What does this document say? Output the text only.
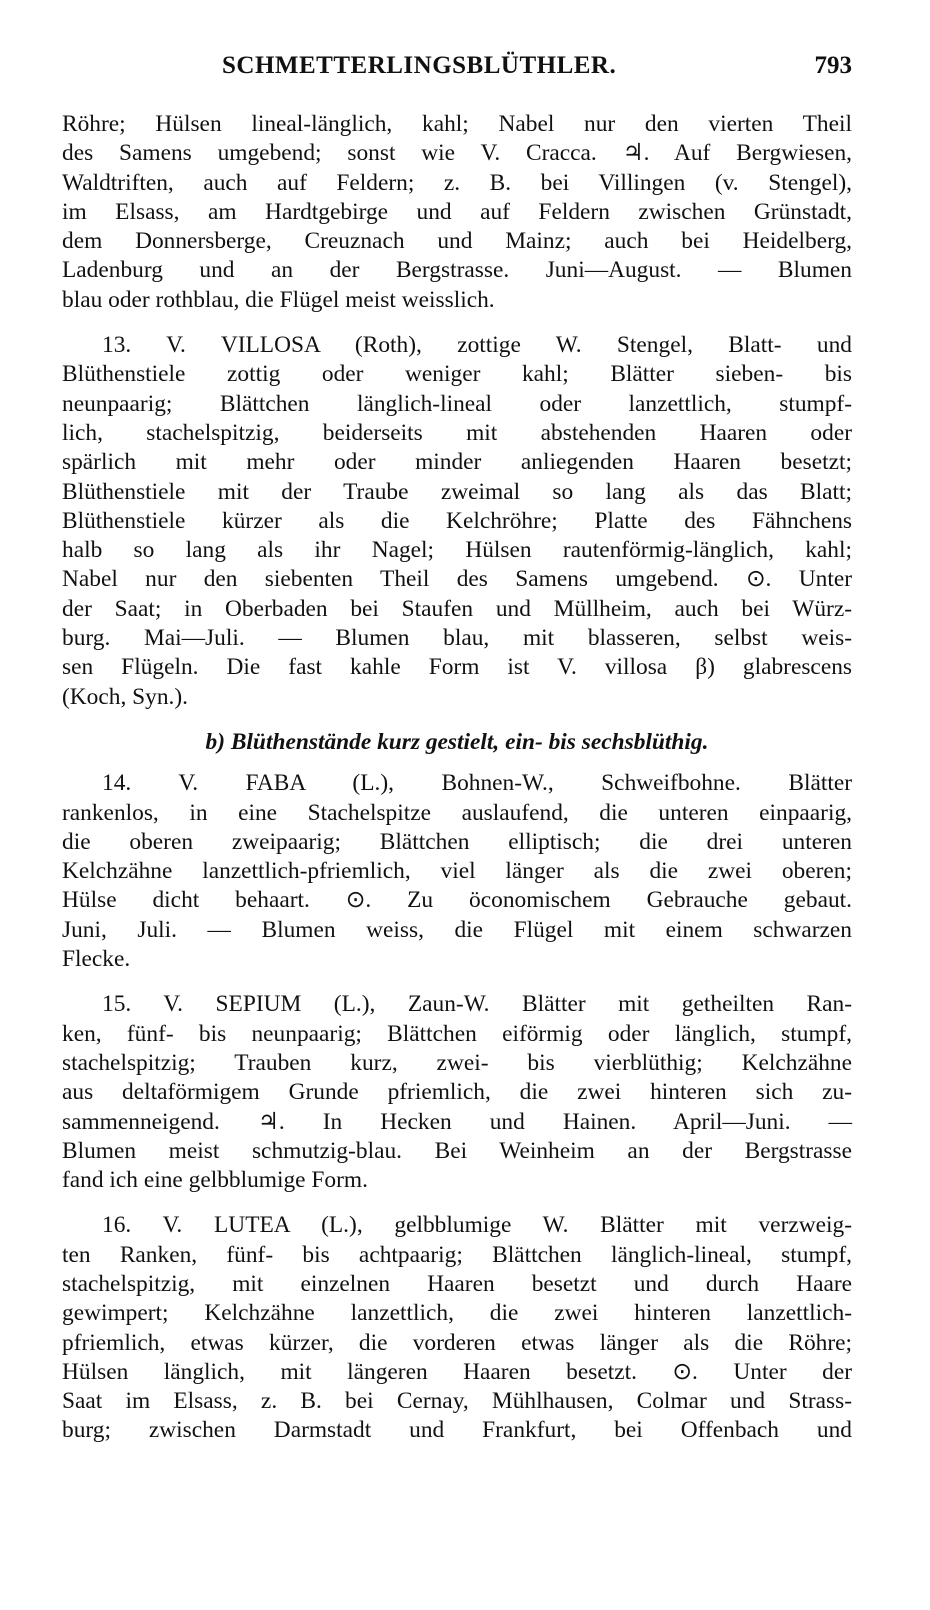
SCHMETTERLINGSBLÜTHLER.	793
Röhre; Hülsen lineal-länglich, kahl; Nabel nur den vierten Theil
des Samens umgebend; sonst wie V. Cracca. ♃. Auf Bergwiesen,
Waldtriften, auch auf Feldern; z. B. bei Villingen (v. Stengel),
im Elsass, am Hardtgebirge und auf Feldern zwischen Grünstadt,
dem Donnersberge, Creuznach und Mainz; auch bei Heidelberg,
Ladenburg und an der Bergstrasse. Juni—August. — Blumen
blau oder rothblau, die Flügel meist weisslich.
13. V. VILLOSA (Roth), zottige W. Stengel, Blatt- und
Blüthenstiele zottig oder weniger kahl; Blätter sieben- bis
neunpaarig; Blättchen länglich-lineal oder lanzettlich, stumpf-
lich, stachelspitzig, beiderseits mit abstehenden Haaren oder
spärlich mit mehr oder minder anliegenden Haaren besetzt;
Blüthenstiele mit der Traube zweimal so lang als das Blatt;
Blüthenstiele kürzer als die Kelchröhre; Platte des Fähnchens
halb so lang als ihr Nagel; Hülsen rautenförmig-länglich, kahl;
Nabel nur den siebenten Theil des Samens umgebend. ⊙. Unter
der Saat; in Oberbaden bei Staufen und Müllheim, auch bei Würz-
burg. Mai—Juli. — Blumen blau, mit blasseren, selbst weis-
sen Flügeln. Die fast kahle Form ist V. villosa β) glabrescens
(Koch, Syn.).
b) Blüthenstände kurz gestielt, ein- bis sechsblüthig.
14. V. FABA (L.), Bohnen-W., Schweifbohne. Blätter
rankenlos, in eine Stachelspitze auslaufend, die unteren einpaarig,
die oberen zweipaarig; Blättchen elliptisch; die drei unteren
Kelchzähne lanzettlich-pfriemlich, viel länger als die zwei oberen;
Hülse dicht behaart. ⊙. Zu öconomischem Gebrauche gebaut.
Juni, Juli. — Blumen weiss, die Flügel mit einem schwarzen
Flecke.
15. V. SEPIUM (L.), Zaun-W. Blätter mit getheilten Ran-
ken, fünf- bis neunpaarig; Blättchen eiförmig oder länglich, stumpf,
stachelspitzig; Trauben kurz, zwei- bis vierblüthig; Kelchzähne
aus deltaförmigem Grunde pfriemlich, die zwei hinteren sich zu-
sammenneigend. ♃. In Hecken und Hainen. April—Juni. —
Blumen meist schmutzig-blau. Bei Weinheim an der Bergstrasse
fand ich eine gelbblumige Form.
16. V. LUTEA (L.), gelbblumige W. Blätter mit verzweig-
ten Ranken, fünf- bis achtpaarig; Blättchen länglich-lineal, stumpf,
stachelspitzig, mit einzelnen Haaren besetzt und durch Haare
gewimpert; Kelchzähne lanzettlich, die zwei hinteren lanzettlich-
pfriemlich, etwas kürzer, die vorderen etwas länger als die Röhre;
Hülsen länglich, mit längeren Haaren besetzt. ⊙. Unter der
Saat im Elsass, z. B. bei Cernay, Mühlhausen, Colmar und Strass-
burg; zwischen Darmstadt und Frankfurt, bei Offenbach und
